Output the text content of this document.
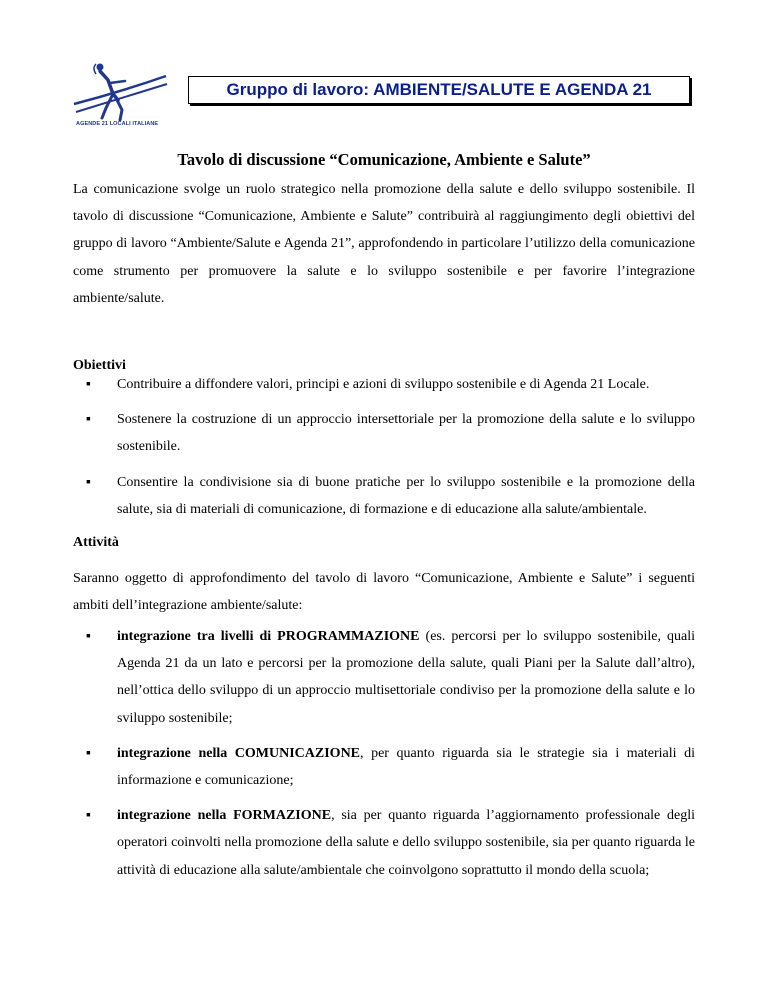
AGENDE 21 LOCALI ITALIANE
Gruppo di lavoro: AMBIENTE/SALUTE E AGENDA 21
Tavolo di discussione “Comunicazione, Ambiente e Salute”
La comunicazione svolge un ruolo strategico nella promozione della salute e dello sviluppo sostenibile. Il tavolo di discussione “Comunicazione, Ambiente e Salute” contribuirà al raggiungimento degli obiettivi del gruppo di lavoro “Ambiente/Salute e Agenda 21”, approfondendo in particolare l’utilizzo della comunicazione come strumento per promuovere la salute e lo sviluppo sostenibile e per favorire l’integrazione ambiente/salute.
Obiettivi
▪ Contribuire a diffondere valori, principi e azioni di sviluppo sostenibile e di Agenda 21 Locale.
▪ Sostenere la costruzione di un approccio intersettoriale per la promozione della salute e lo sviluppo sostenibile.
▪ Consentire la condivisione sia di buone pratiche per lo sviluppo sostenibile e la promozione della salute, sia di materiali di comunicazione, di formazione e di educazione alla salute/ambientale.
Attività
Saranno oggetto di approfondimento del tavolo di lavoro “Comunicazione, Ambiente e Salute” i seguenti ambiti dell’integrazione ambiente/salute:
▪ integrazione tra livelli di PROGRAMMAZIONE (es. percorsi per lo sviluppo sostenibile, quali Agenda 21 da un lato e percorsi per la promozione della salute, quali Piani per la Salute dall’altro), nell’ottica dello sviluppo di un approccio multisettoriale condiviso per la promozione della salute e lo sviluppo sostenibile;
▪ integrazione nella COMUNICAZIONE, per quanto riguarda sia le strategie sia i materiali di informazione e comunicazione;
▪ integrazione nella FORMAZIONE, sia per quanto riguarda l’aggiornamento professionale degli operatori coinvolti nella promozione della salute e dello sviluppo sostenibile, sia per quanto riguarda le attività di educazione alla salute/ambientale che coinvolgono soprattutto il mondo della scuola;
